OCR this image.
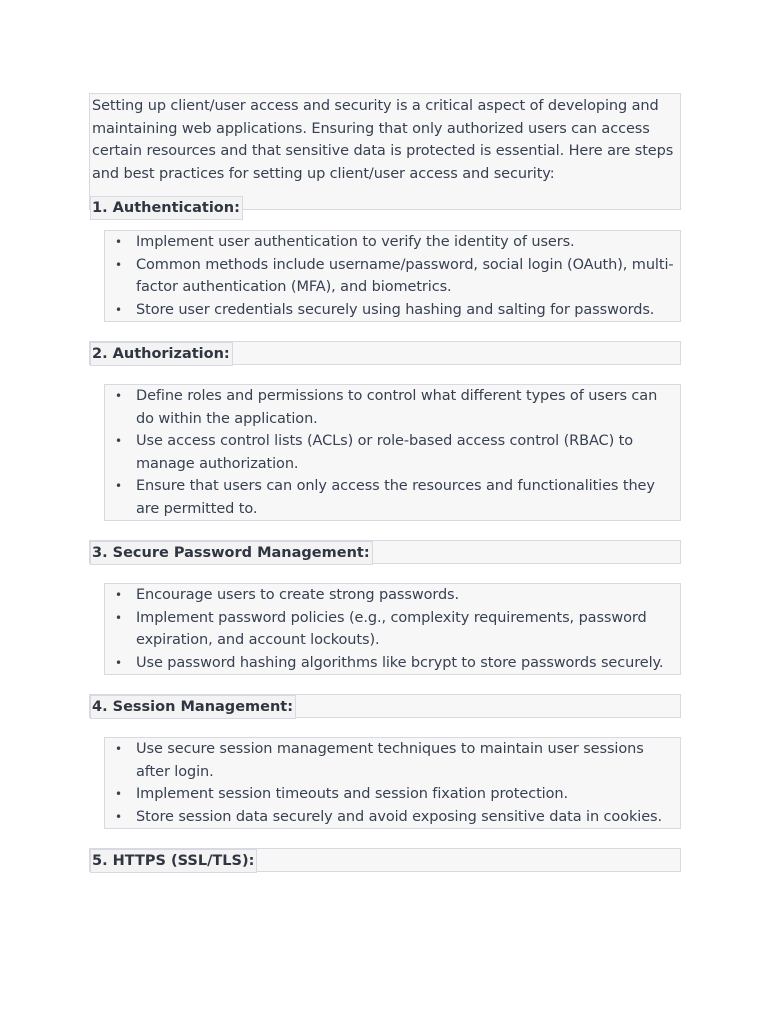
Setting up client/user access and security is a critical aspect of developing and maintaining web applications. Ensuring that only authorized users can access certain resources and that sensitive data is protected is essential. Here are steps and best practices for setting up client/user access and security:

1. Authentication:
• Implement user authentication to verify the identity of users.
• Common methods include username/password, social login (OAuth), multi-factor authentication (MFA), and biometrics.
• Store user credentials securely using hashing and salting for passwords.
2. Authorization:
• Define roles and permissions to control what different types of users can do within the application.
• Use access control lists (ACLs) or role-based access control (RBAC) to manage authorization.
• Ensure that users can only access the resources and functionalities they are permitted to.
3. Secure Password Management:
• Encourage users to create strong passwords.
• Implement password policies (e.g., complexity requirements, password expiration, and account lockouts).
• Use password hashing algorithms like bcrypt to store passwords securely.
4. Session Management:
• Use secure session management techniques to maintain user sessions after login.
• Implement session timeouts and session fixation protection.
• Store session data securely and avoid exposing sensitive data in cookies.
5. HTTPS (SSL/TLS):
